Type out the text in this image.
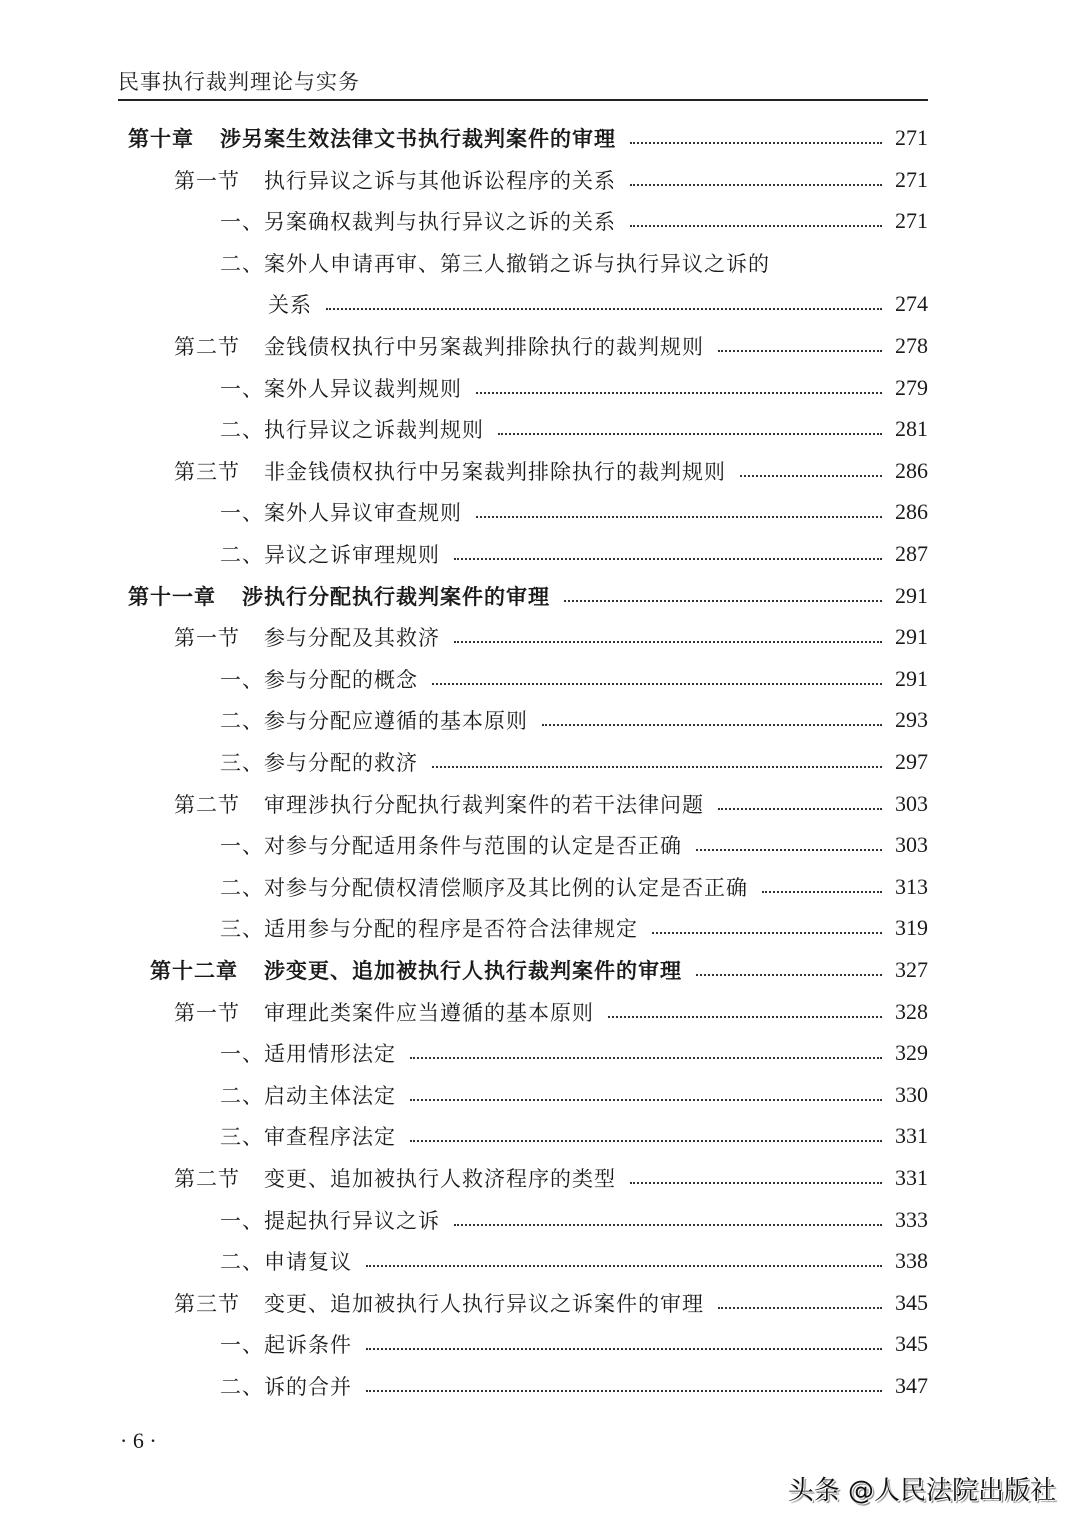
民事执行裁判理论与实务
第十章 涉另案生效法律文书执行裁判案件的审理	271
第一节 执行异议之诉与其他诉讼程序的关系	271
一、另案确权裁判与执行异议之诉的关系	271
二、案外人申请再审、第三人撤销之诉与执行异议之诉的
关系	274
第二节 金钱债权执行中另案裁判排除执行的裁判规则	278
一、案外人异议裁判规则	279
二、执行异议之诉裁判规则	281
第三节 非金钱债权执行中另案裁判排除执行的裁判规则	286
一、案外人异议审查规则	286
二、异议之诉审理规则	287
第十一章 涉执行分配执行裁判案件的审理	291
第一节 参与分配及其救济	291
一、参与分配的概念	291
二、参与分配应遵循的基本原则	293
三、参与分配的救济	297
第二节 审理涉执行分配执行裁判案件的若干法律问题	303
一、对参与分配适用条件与范围的认定是否正确	303
二、对参与分配债权清偿顺序及其比例的认定是否正确	313
三、适用参与分配的程序是否符合法律规定	319
第十二章 涉变更、追加被执行人执行裁判案件的审理	327
第一节 审理此类案件应当遵循的基本原则	328
一、适用情形法定	329
二、启动主体法定	330
三、审查程序法定	331
第二节 变更、追加被执行人救济程序的类型	331
一、提起执行异议之诉	333
二、申请复议	338
第三节 变更、追加被执行人执行异议之诉案件的审理	345
一、起诉条件	345
二、诉的合并	347
· 6 ·
头条 @人民法院出版社
